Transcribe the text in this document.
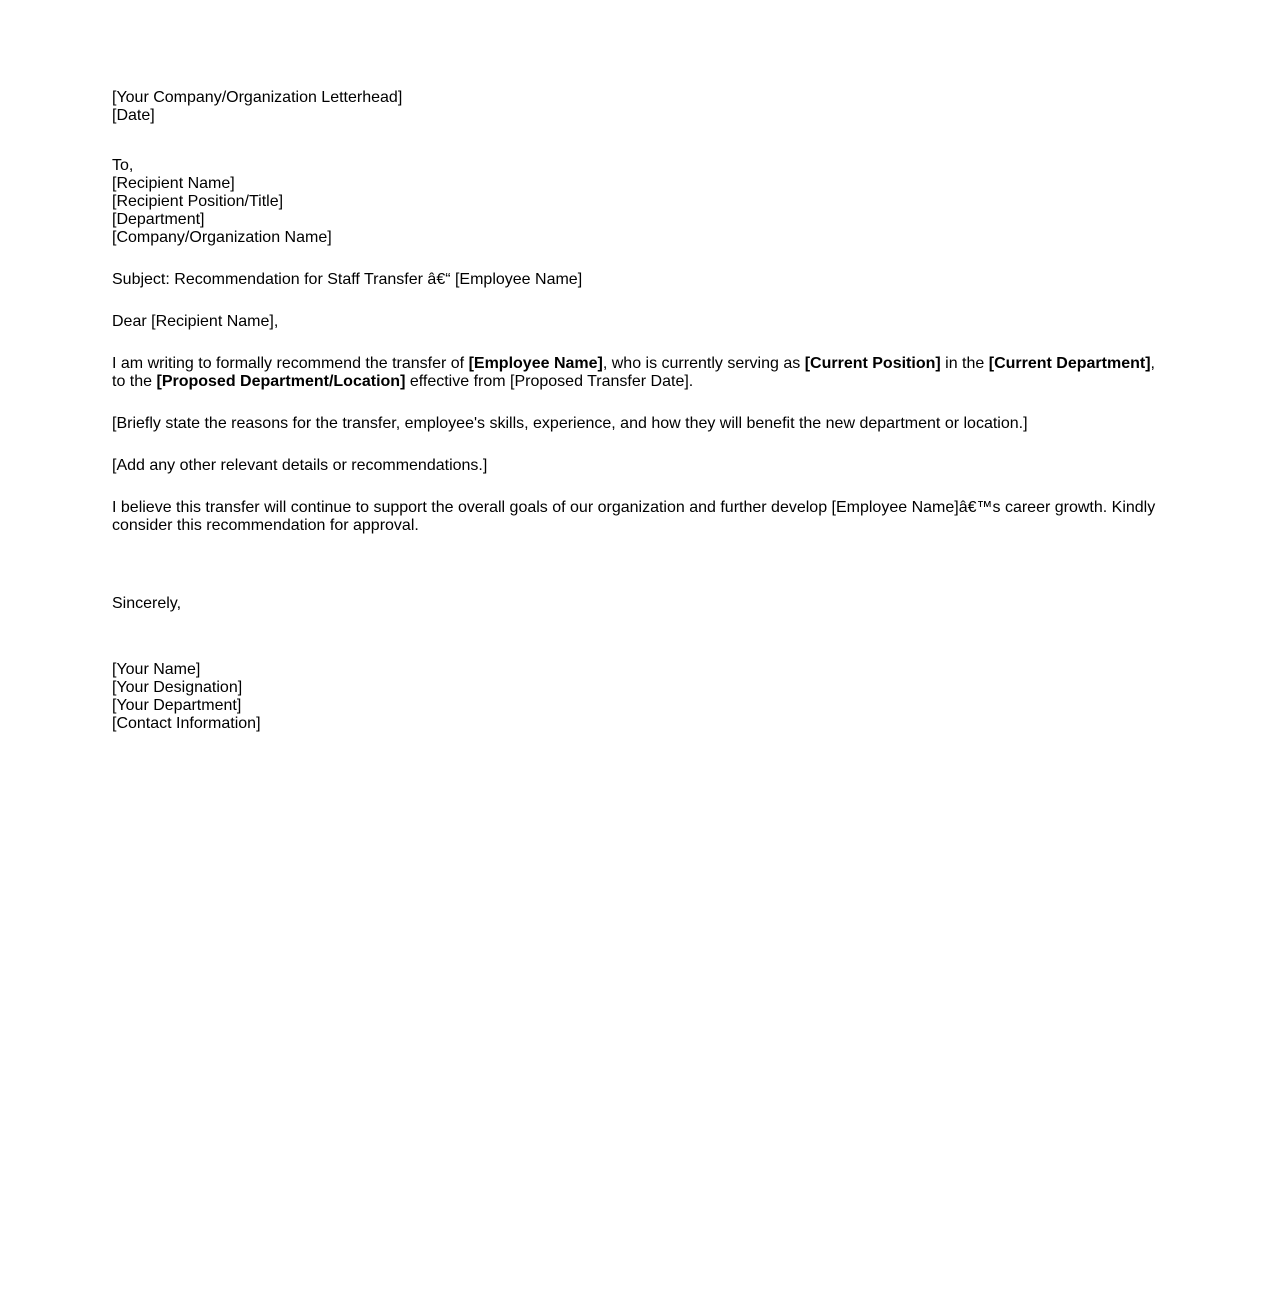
[Your Company/Organization Letterhead]
[Date]
To,
[Recipient Name]
[Recipient Position/Title]
[Department]
[Company/Organization Name]
Subject: Recommendation for Staff Transfer â€“ [Employee Name]
Dear [Recipient Name],

I am writing to formally recommend the transfer of [Employee Name], who is currently serving as [Current Position] in the [Current Department], to the [Proposed Department/Location] effective from [Proposed Transfer Date].

[Briefly state the reasons for the transfer, employee's skills, experience, and how they will benefit the new department or location.]

[Add any other relevant details or recommendations.]

I believe this transfer will continue to support the overall goals of our organization and further develop [Employee Name]â€™s career growth. Kindly consider this recommendation for approval.

Sincerely,
[Your Name]
[Your Designation]
[Your Department]
[Contact Information]
